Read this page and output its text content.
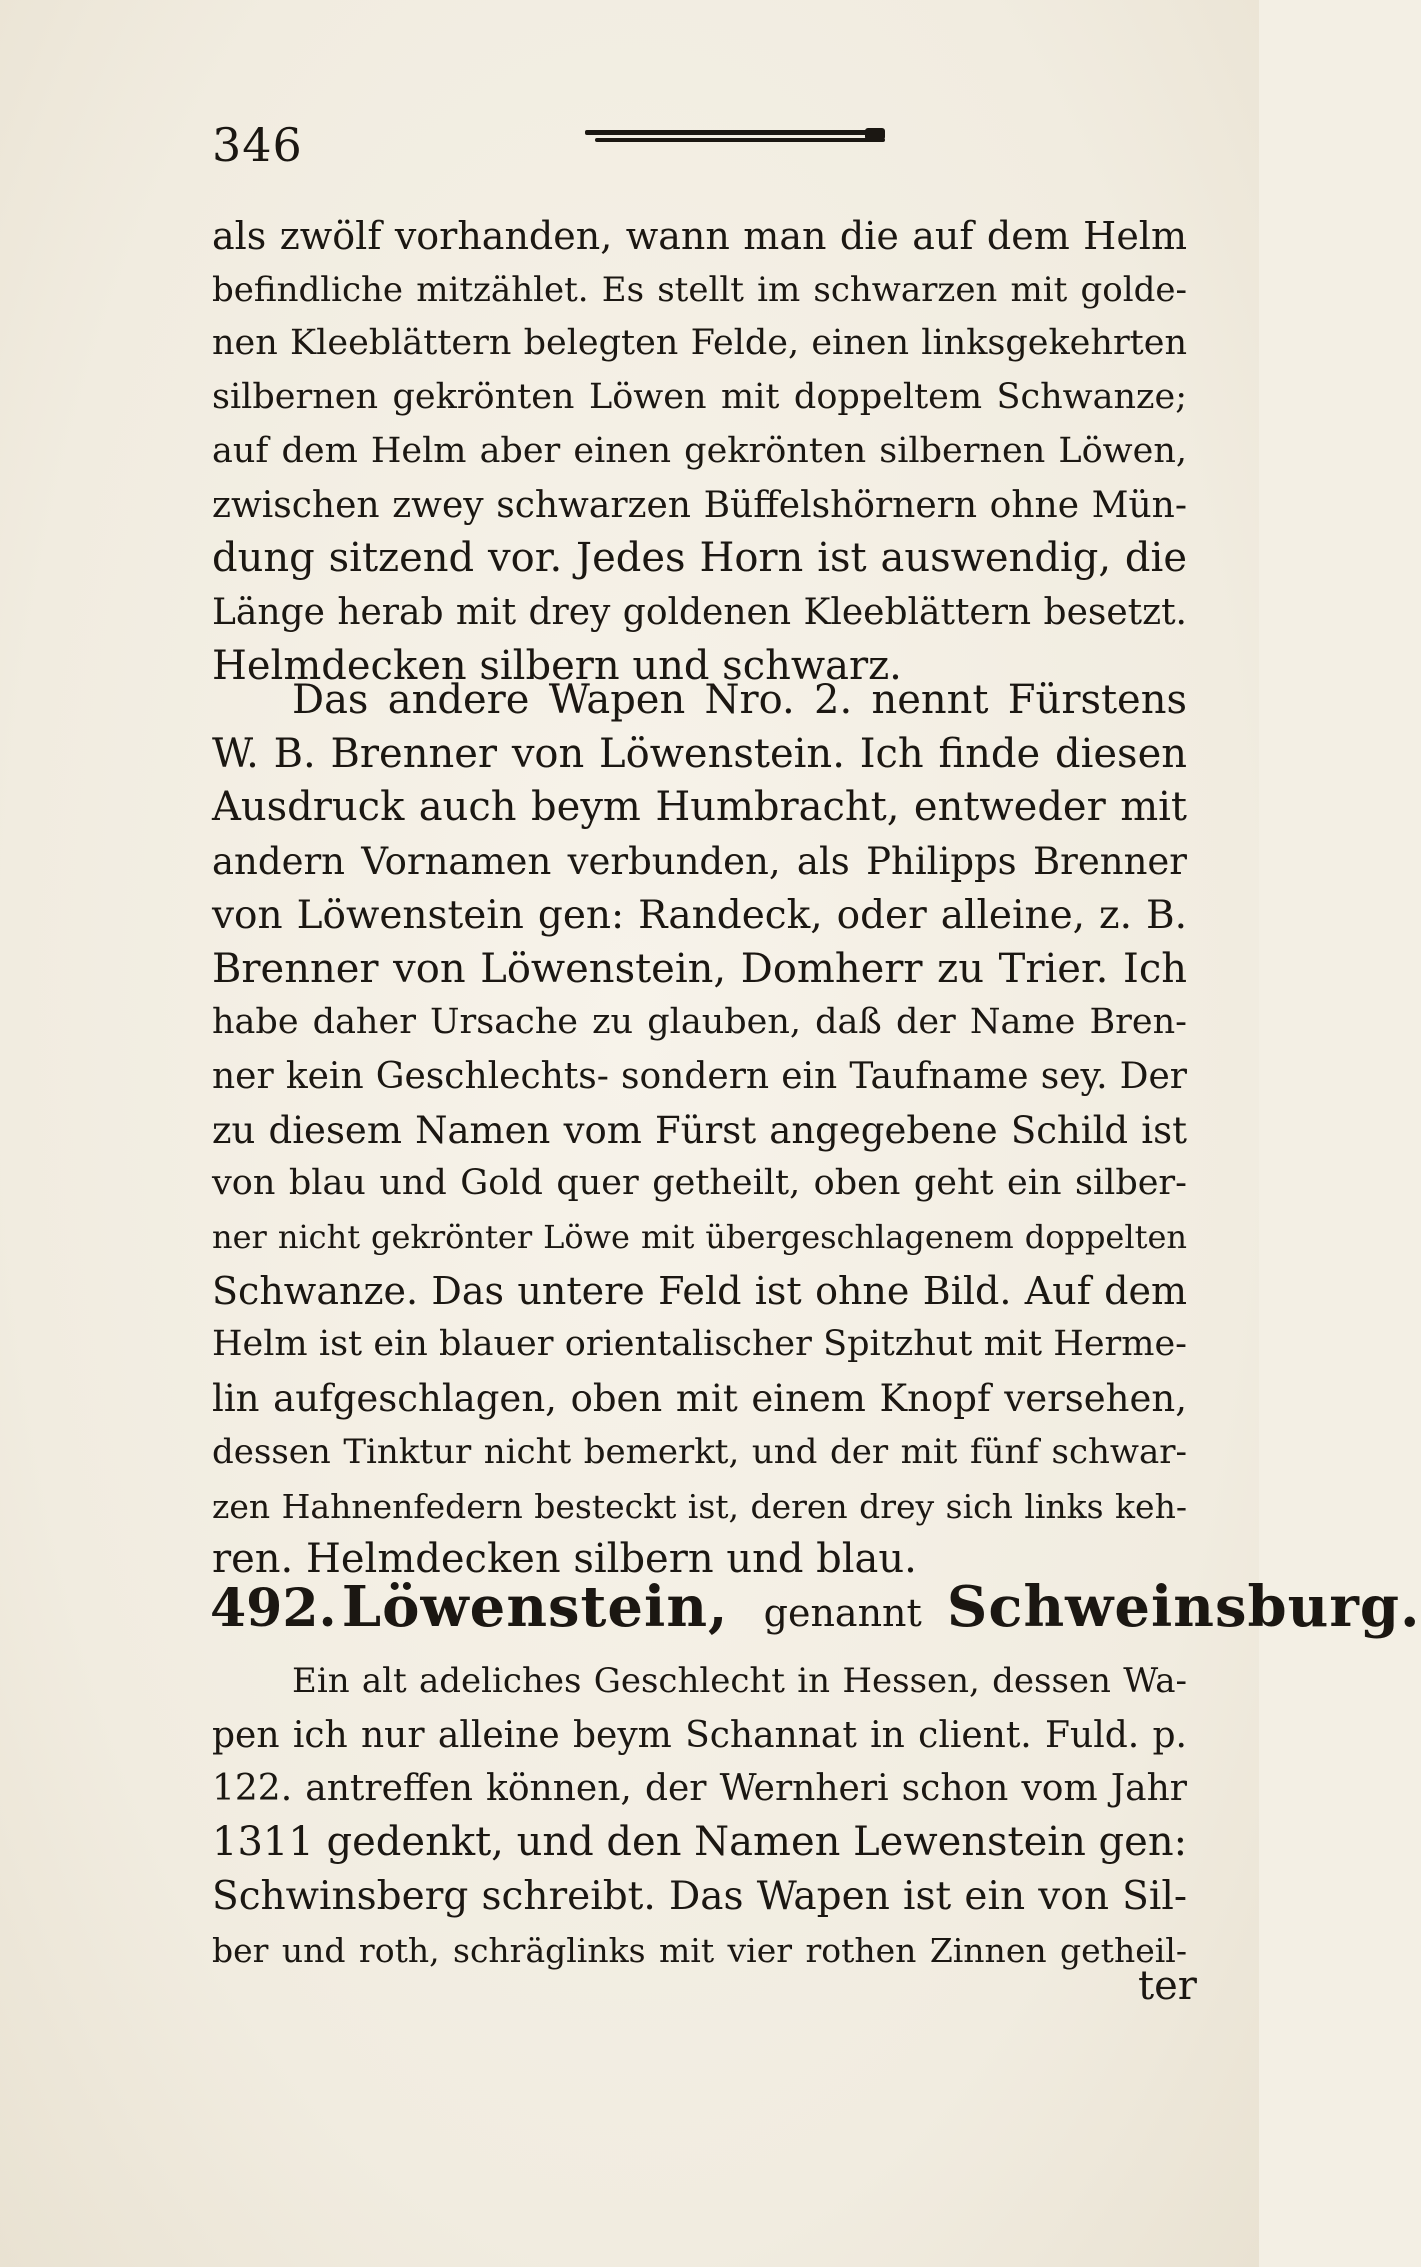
346
als zwölf vorhanden, wann man die auf dem Helm
befindliche mitzählet. Es stellt im schwarzen mit golde-
nen Kleeblättern belegten Felde, einen linksgekehrten
silbernen gekrönten Löwen mit doppeltem Schwanze;
auf dem Helm aber einen gekrönten silbernen Löwen,
zwischen zwey schwarzen Büffelshörnern ohne Mün-
dung sitzend vor. Jedes Horn ist auswendig, die
Länge herab mit drey goldenen Kleeblättern besetzt.
Helmdecken silbern und schwarz.
Das andere Wapen Nro. 2. nennt Fürstens
W. B. Brenner von Löwenstein. Ich finde diesen
Ausdruck auch beym Humbracht, entweder mit
andern Vornamen verbunden, als Philipps Brenner
von Löwenstein gen: Randeck, oder alleine, z. B.
Brenner von Löwenstein, Domherr zu Trier. Ich
habe daher Ursache zu glauben, daß der Name Bren-
ner kein Geschlechts- sondern ein Taufname sey. Der
zu diesem Namen vom Fürst angegebene Schild ist
von blau und Gold quer getheilt, oben geht ein silber-
ner nicht gekrönter Löwe mit übergeschlagenem doppelten
Schwanze. Das untere Feld ist ohne Bild. Auf dem
Helm ist ein blauer orientalischer Spitzhut mit Herme-
lin aufgeschlagen, oben mit einem Knopf versehen,
dessen Tinktur nicht bemerkt, und der mit fünf schwar-
zen Hahnenfedern besteckt ist, deren drey sich links keh-
ren. Helmdecken silbern und blau.
492. Löwenstein, genannt Schweinsburg.
Ein alt adeliches Geschlecht in Hessen, dessen Wa-
pen ich nur alleine beym Schannat in client. Fuld. p.
122. antreffen können, der Wernheri schon vom Jahr
1311 gedenkt, und den Namen Lewenstein gen:
Schwinsberg schreibt. Das Wapen ist ein von Sil-
ber und roth, schräglinks mit vier rothen Zinnen getheil-
ter
